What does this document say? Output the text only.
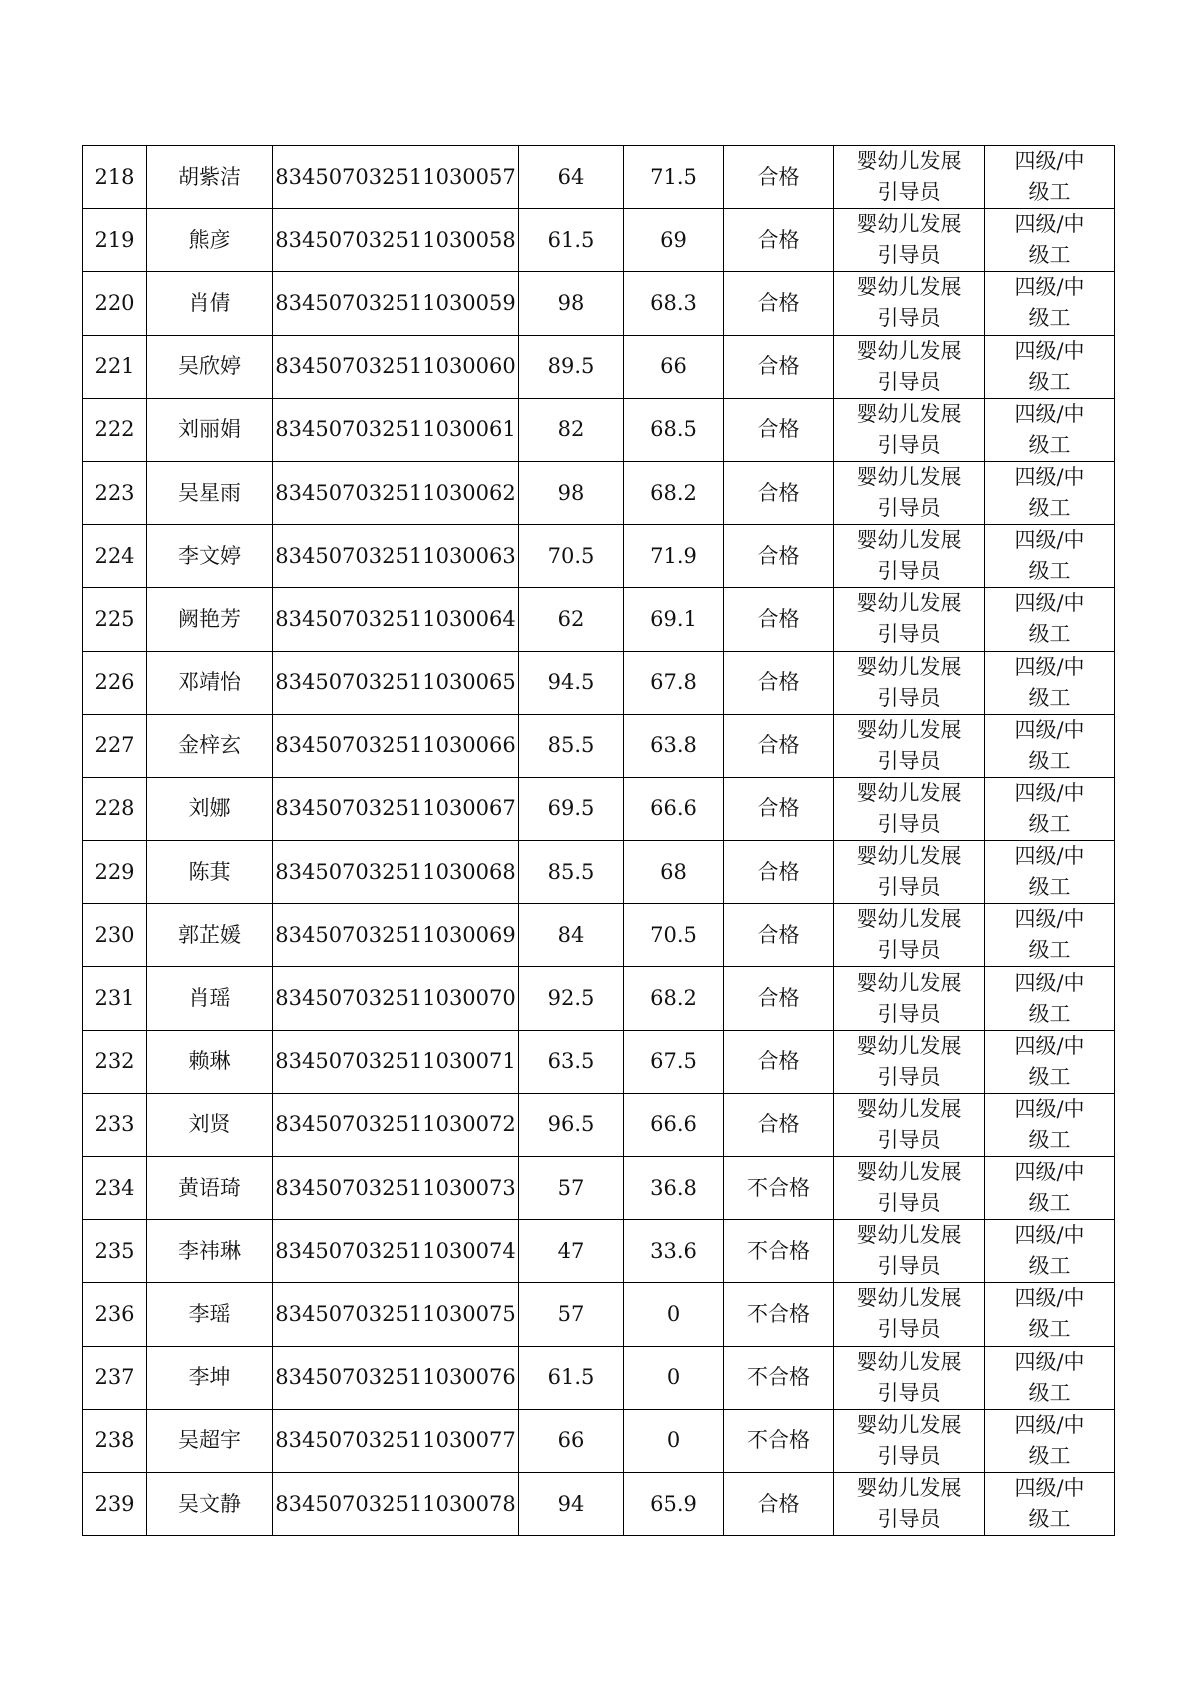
218	胡紫洁	834507032511030057	64	71.5	合格	婴幼儿发展引导员	四级/中级工
219	熊彦	834507032511030058	61.5	69	合格	婴幼儿发展引导员	四级/中级工
220	肖倩	834507032511030059	98	68.3	合格	婴幼儿发展引导员	四级/中级工
221	吴欣婷	834507032511030060	89.5	66	合格	婴幼儿发展引导员	四级/中级工
222	刘丽娟	834507032511030061	82	68.5	合格	婴幼儿发展引导员	四级/中级工
223	吴星雨	834507032511030062	98	68.2	合格	婴幼儿发展引导员	四级/中级工
224	李文婷	834507032511030063	70.5	71.9	合格	婴幼儿发展引导员	四级/中级工
225	阙艳芳	834507032511030064	62	69.1	合格	婴幼儿发展引导员	四级/中级工
226	邓靖怡	834507032511030065	94.5	67.8	合格	婴幼儿发展引导员	四级/中级工
227	金梓玄	834507032511030066	85.5	63.8	合格	婴幼儿发展引导员	四级/中级工
228	刘娜	834507032511030067	69.5	66.6	合格	婴幼儿发展引导员	四级/中级工
229	陈萁	834507032511030068	85.5	68	合格	婴幼儿发展引导员	四级/中级工
230	郭芷媛	834507032511030069	84	70.5	合格	婴幼儿发展引导员	四级/中级工
231	肖瑶	834507032511030070	92.5	68.2	合格	婴幼儿发展引导员	四级/中级工
232	赖琳	834507032511030071	63.5	67.5	合格	婴幼儿发展引导员	四级/中级工
233	刘贤	834507032511030072	96.5	66.6	合格	婴幼儿发展引导员	四级/中级工
234	黄语琦	834507032511030073	57	36.8	不合格	婴幼儿发展引导员	四级/中级工
235	李祎琳	834507032511030074	47	33.6	不合格	婴幼儿发展引导员	四级/中级工
236	李瑶	834507032511030075	57	0	不合格	婴幼儿发展引导员	四级/中级工
237	李坤	834507032511030076	61.5	0	不合格	婴幼儿发展引导员	四级/中级工
238	吴超宇	834507032511030077	66	0	不合格	婴幼儿发展引导员	四级/中级工
239	吴文静	834507032511030078	94	65.9	合格	婴幼儿发展引导员	四级/中级工
